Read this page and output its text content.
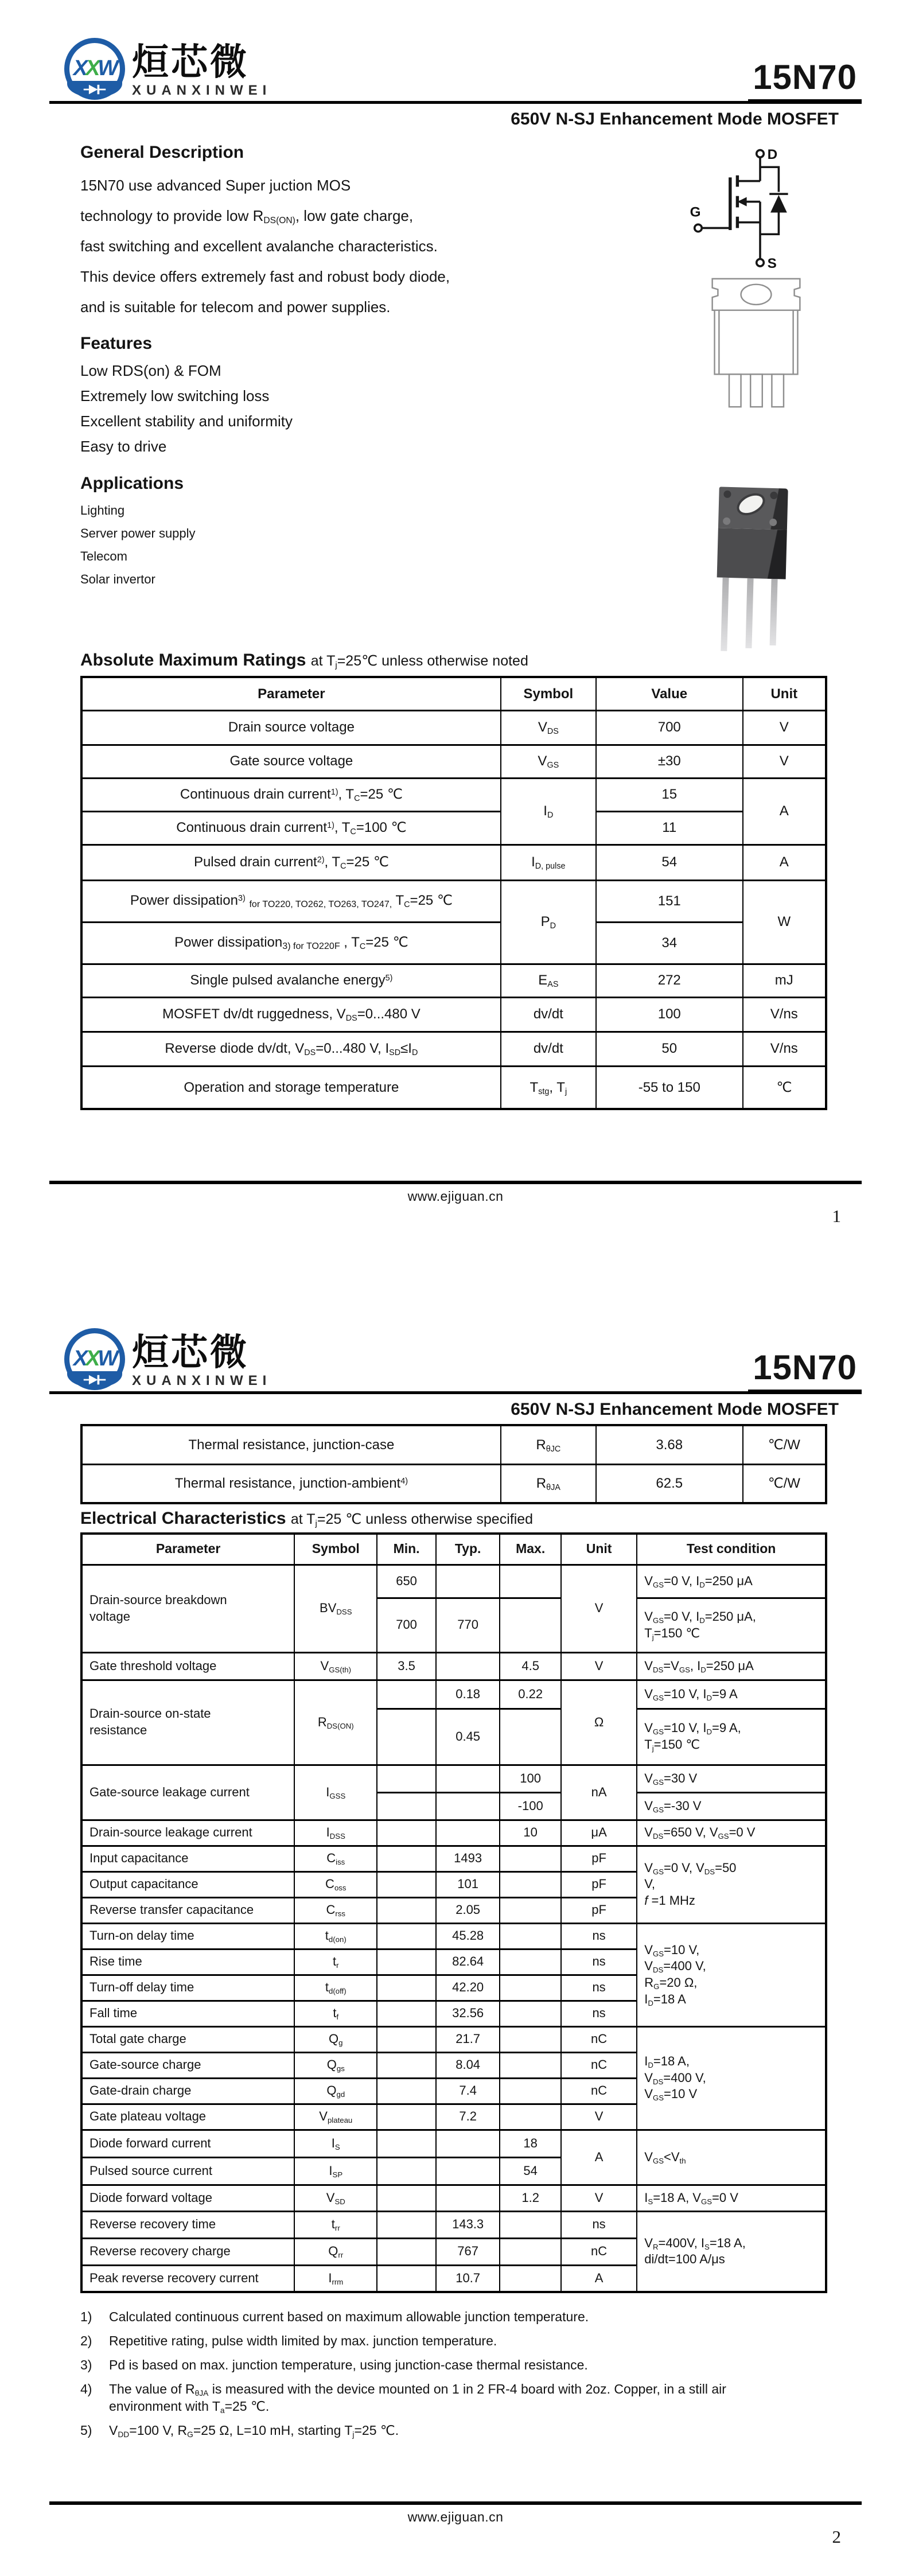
XXW 烜芯微
XUANXINWEI	15N70
650V N-SJ Enhancement Mode MOSFET
General Description
15N70 use advanced Super juction MOS
technology to provide low $R_{DS(ON)}$, low gate charge,
fast switching and excellent avalanche characteristics.
This device offers extremely fast and robust body diode,
and is suitable for telecom and power supplies.
Features
Low RDS(on) & FOM
Extremely low switching loss
Excellent stability and uniformity
Easy to drive
Applications
Lighting
Server power supply
Telecom
Solar invertor
Absolute Maximum Ratings at $T_j=25℃$ unless otherwise noted
Parameter	Symbol	Value	Unit
Drain source voltage	$V_{DS}$	700	V
Gate source voltage	$V_{GS}$	±30	V
Continuous drain current$^{1)}$, $T_C=25$ ℃	$I_D$	15	A
Continuous drain current$^{1)}$, $T_C=100$ ℃		11	
Pulsed drain current$^{2)}$, $T_C=25$ ℃	$I_{D, pulse}$	54	A
Power dissipation$^{3)}$ for TO220, TO262, TO263, TO247, $T_C=25$ ℃	$P_D$	151	W
Power dissipation3) for TO220F , $T_C=25$ ℃		34	
Single pulsed avalanche energy$^{5)}$	$E_{AS}$	272	mJ
MOSFET dv/dt ruggedness, $V_{DS}=0...480$ V	dv/dt	100	V/ns
Reverse diode dv/dt, $V_{DS}=0...480$ V, $I_{SD}\le I_D$	dv/dt	50	V/ns
Operation and storage temperature	$T_{stg}$, $T_j$	-55 to 150	℃
D
G
S
www.ejiguan.cn
1
XXW 烜芯微
XUANXINWEI	15N70
650V N-SJ Enhancement Mode MOSFET
Thermal resistance, junction-case	$R_{\theta JC}$	3.68	℃/W
Thermal resistance, junction-ambient$^{4)}$	$R_{\theta JA}$	62.5	℃/W
Electrical Characteristics at $T_j=25$ ℃ unless otherwise specified
Parameter	Symbol	Min.	Typ.	Max.	Unit	Test condition
Drain-source breakdown
voltage	$BV_{DSS}$	650			V	$V_{GS}=0$ V, $I_D=250$ μA
		700	770			$V_{GS}=0$ V, $I_D=250$ μA,
$T_j=150$ ℃
Gate threshold voltage	$V_{GS(th)}$	3.5		4.5	V	$V_{DS}=V_{GS}$, $I_D=250$ μA
Drain-source on-state
resistance	$R_{DS(ON)}$		0.18	0.22	Ω	$V_{GS}=10$ V, $I_D=9$ A
			0.45			$V_{GS}=10$ V, $I_D=9$ A,
$T_j=150$ ℃
Gate-source leakage current	$I_{GSS}$			100	nA	$V_{GS}=30$ V
				-100		$V_{GS}=-30$ V
Drain-source leakage current	$I_{DSS}$			10	μA	$V_{DS}=650$ V, $V_{GS}=0$ V
Input capacitance	$C_{iss}$		1493		pF	$V_{GS}=0$ V, $V_{DS}=50$
V,
f =1 MHz
Output capacitance	$C_{oss}$		101		pF	
Reverse transfer capacitance	$C_{rss}$		2.05		pF	
Turn-on delay time	$t_{d(on)}$		45.28		ns	$V_{GS}=10$ V,
$V_{DS}=400$ V,
$R_G=20$ Ω,
$I_D=18$ A
Rise time	$t_r$		82.64		ns	
Turn-off delay time	$t_{d(off)}$		42.20		ns	
Fall time	$t_f$		32.56		ns	
Total gate charge	$Q_g$		21.7		nC	$I_D=18$ A,
$V_{DS}=400$ V,
$V_{GS}=10$ V
Gate-source charge	$Q_{gs}$		8.04		nC	
Gate-drain charge	$Q_{gd}$		7.4		nC	
Gate plateau voltage	$V_{plateau}$		7.2		V	
Diode forward current	$I_S$			18	A	$V_{GS}<V_{th}$
Pulsed source current	$I_{SP}$			54		
Diode forward voltage	$V_{SD}$			1.2	V	$I_S=18$ A, $V_{GS}=0$ V
Reverse recovery time	$t_{rr}$		143.3		ns	$V_R=400V$, $I_S=18$ A,
di/dt=100 A/μs
Reverse recovery charge	$Q_{rr}$		767		nC	
Peak reverse recovery current	$I_{rrm}$		10.7		A	
1)	Calculated continuous current based on maximum allowable junction temperature.
2)	Repetitive rating, pulse width limited by max. junction temperature.
3)	Pd is based on max. junction temperature, using junction-case thermal resistance.
4)	The value of $R_{\theta JA}$ is measured with the device mounted on 1 in 2 FR-4 board with 2oz. Copper, in a still air
environment with $T_a=25$ ℃.
5)	$V_{DD}=100$ V, $R_G=25$ Ω, L=10 mH, starting $T_j=25$ ℃.
www.ejiguan.cn
2
